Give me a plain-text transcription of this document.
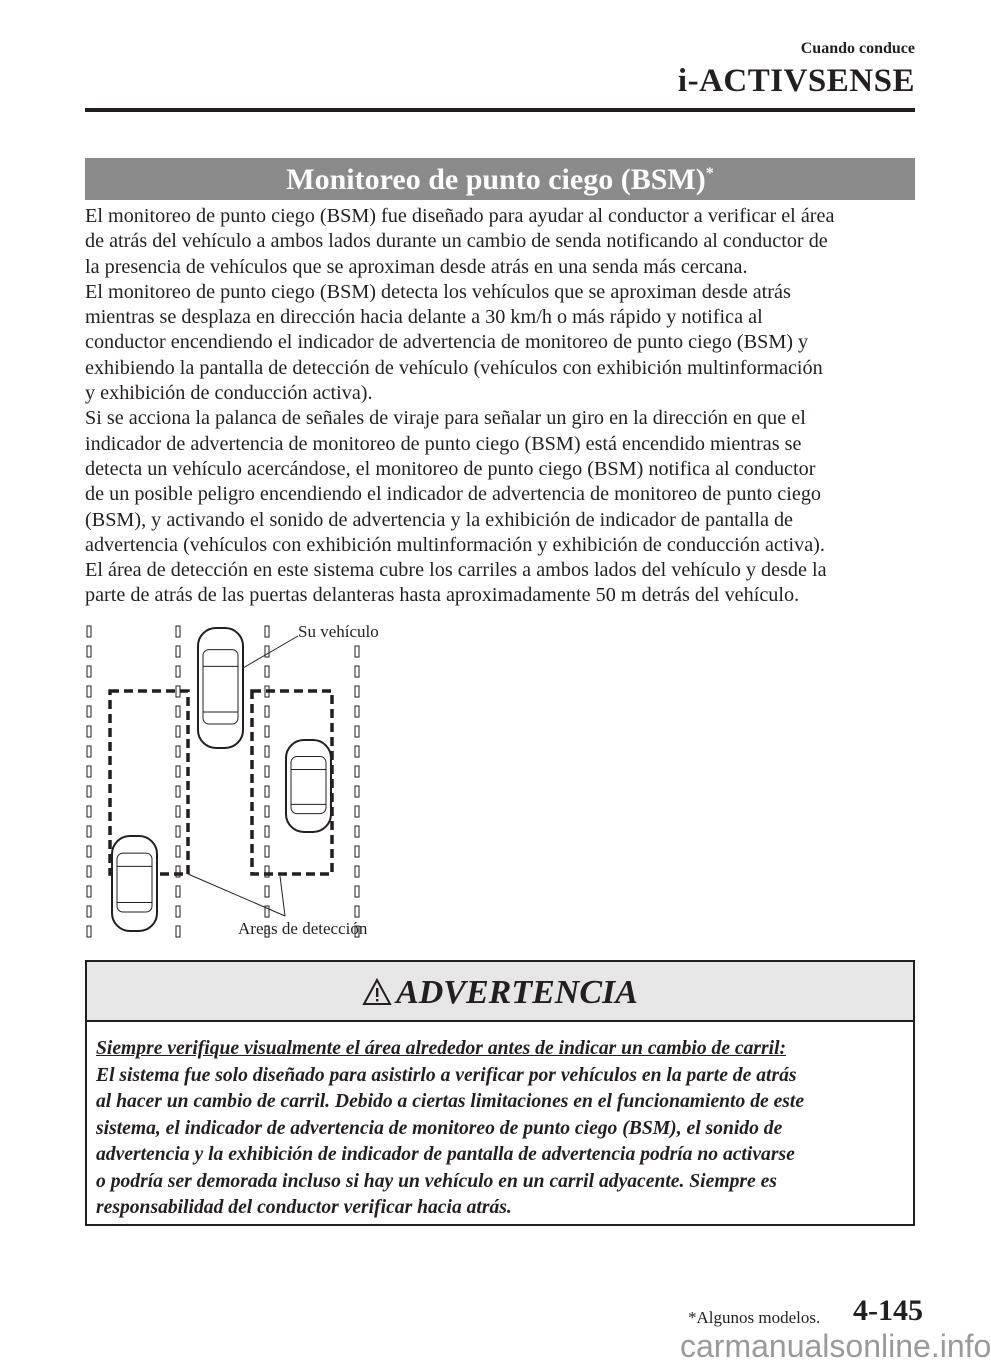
Cuando conduce
i-ACTIVSENSE
Monitoreo de punto ciego (BSM)*
El monitoreo de punto ciego (BSM) fue diseñado para ayudar al conductor a verificar el área
de atrás del vehículo a ambos lados durante un cambio de senda notificando al conductor de
la presencia de vehículos que se aproximan desde atrás en una senda más cercana.
El monitoreo de punto ciego (BSM) detecta los vehículos que se aproximan desde atrás
mientras se desplaza en dirección hacia delante a 30 km/h o más rápido y notifica al
conductor encendiendo el indicador de advertencia de monitoreo de punto ciego (BSM) y
exhibiendo la pantalla de detección de vehículo (vehículos con exhibición multinformación
y exhibición de conducción activa).
Si se acciona la palanca de señales de viraje para señalar un giro en la dirección en que el
indicador de advertencia de monitoreo de punto ciego (BSM) está encendido mientras se
detecta un vehículo acercándose, el monitoreo de punto ciego (BSM) notifica al conductor
de un posible peligro encendiendo el indicador de advertencia de monitoreo de punto ciego
(BSM), y activando el sonido de advertencia y la exhibición de indicador de pantalla de
advertencia (vehículos con exhibición multinformación y exhibición de conducción activa).
El área de detección en este sistema cubre los carriles a ambos lados del vehículo y desde la
parte de atrás de las puertas delanteras hasta aproximadamente 50 m detrás del vehículo.
Su vehículo
Areas de detección
ADVERTENCIA
Siempre verifique visualmente el área alrededor antes de indicar un cambio de carril:
El sistema fue solo diseñado para asistirlo a verificar por vehículos en la parte de atrás
al hacer un cambio de carril. Debido a ciertas limitaciones en el funcionamiento de este
sistema, el indicador de advertencia de monitoreo de punto ciego (BSM), el sonido de
advertencia y la exhibición de indicador de pantalla de advertencia podría no activarse
o podría ser demorada incluso si hay un vehículo en un carril adyacente. Siempre es
responsabilidad del conductor verificar hacia atrás.
*Algunos modelos. 4-145
carmanualsonline.info
